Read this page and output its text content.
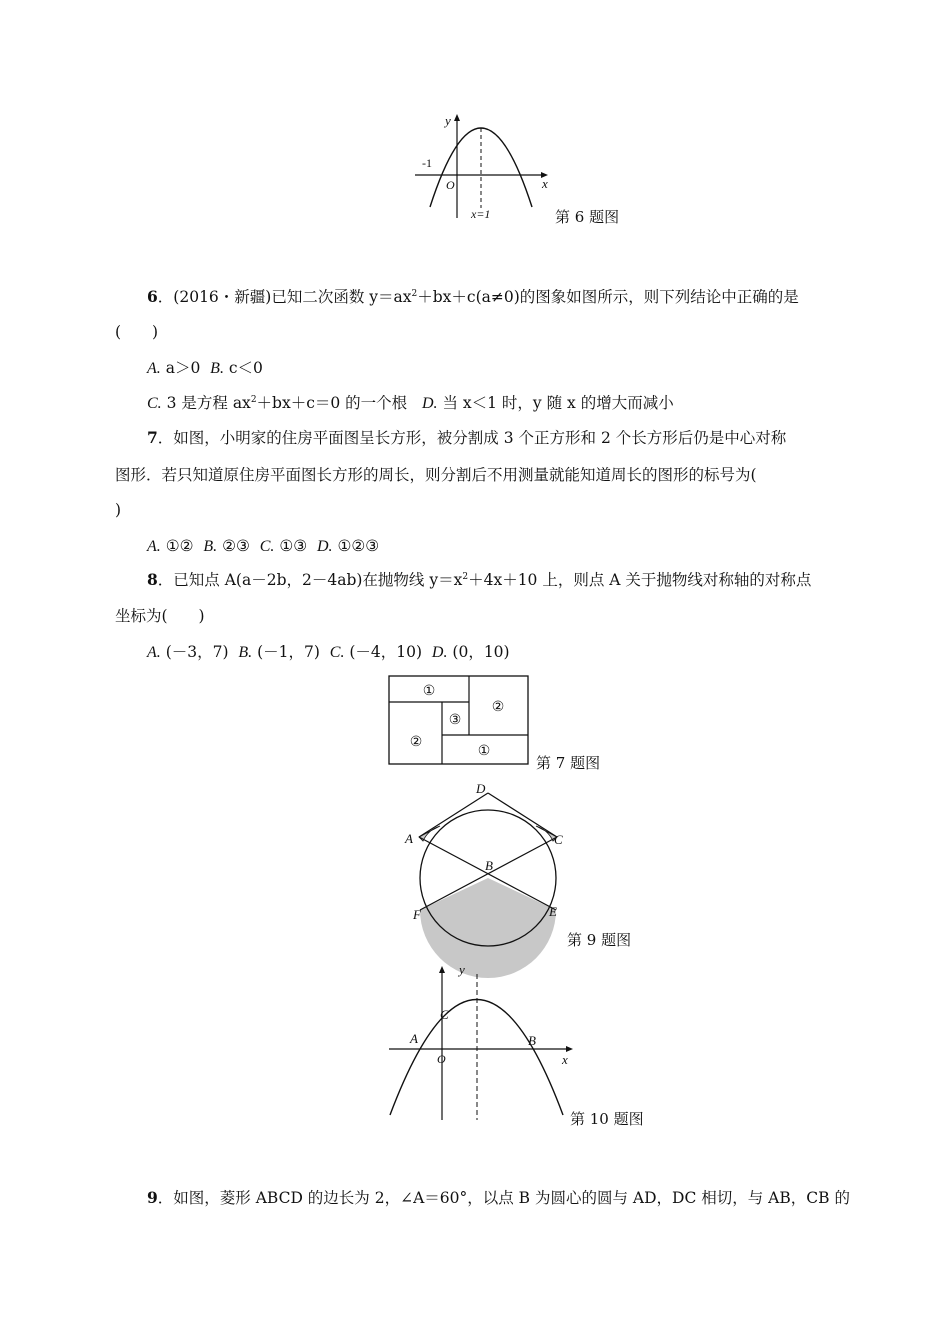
y
x
O
-1
x=1	第 6 题图
6．(2016・新疆)已知二次函数 $y=ax^2+bx+c(a\ne 0)$的图象如图所示，则下列结论中正确的是
(　　)
A. a＞0 B. c＜0
C. 3 是方程 $ax^2+bx+c=0$ 的一个根 D. 当 x＜1 时，y 随 x 的增大而减小
7．如图，小明家的住房平面图呈长方形，被分割成 3 个正方形和 2 个长方形后仍是中心对称
图形．若只知道原住房平面图长方形的周长，则分割后不用测量就能知道周长的图形的标号为(
)
A. ①② B. ②③ C. ①③ D. ①②③
8．已知点 A(a－2b，2－4ab)在抛物线 $y=x^2+4x+10$ 上，则点 A 关于抛物线对称轴的对称点
坐标为(　　)
A. (－3，7) B. (－1，7) C. (－4，10) D. (0，10)
①
②
③
②
①
第 7 题图
D
A	C
B
F	E
第 9 题图
y
x
O
A	B
C
第 10 题图
9．如图，菱形 ABCD 的边长为 2，∠A＝60°，以点 B 为圆心的圆与 AD，DC 相切，与 AB，CB 的
